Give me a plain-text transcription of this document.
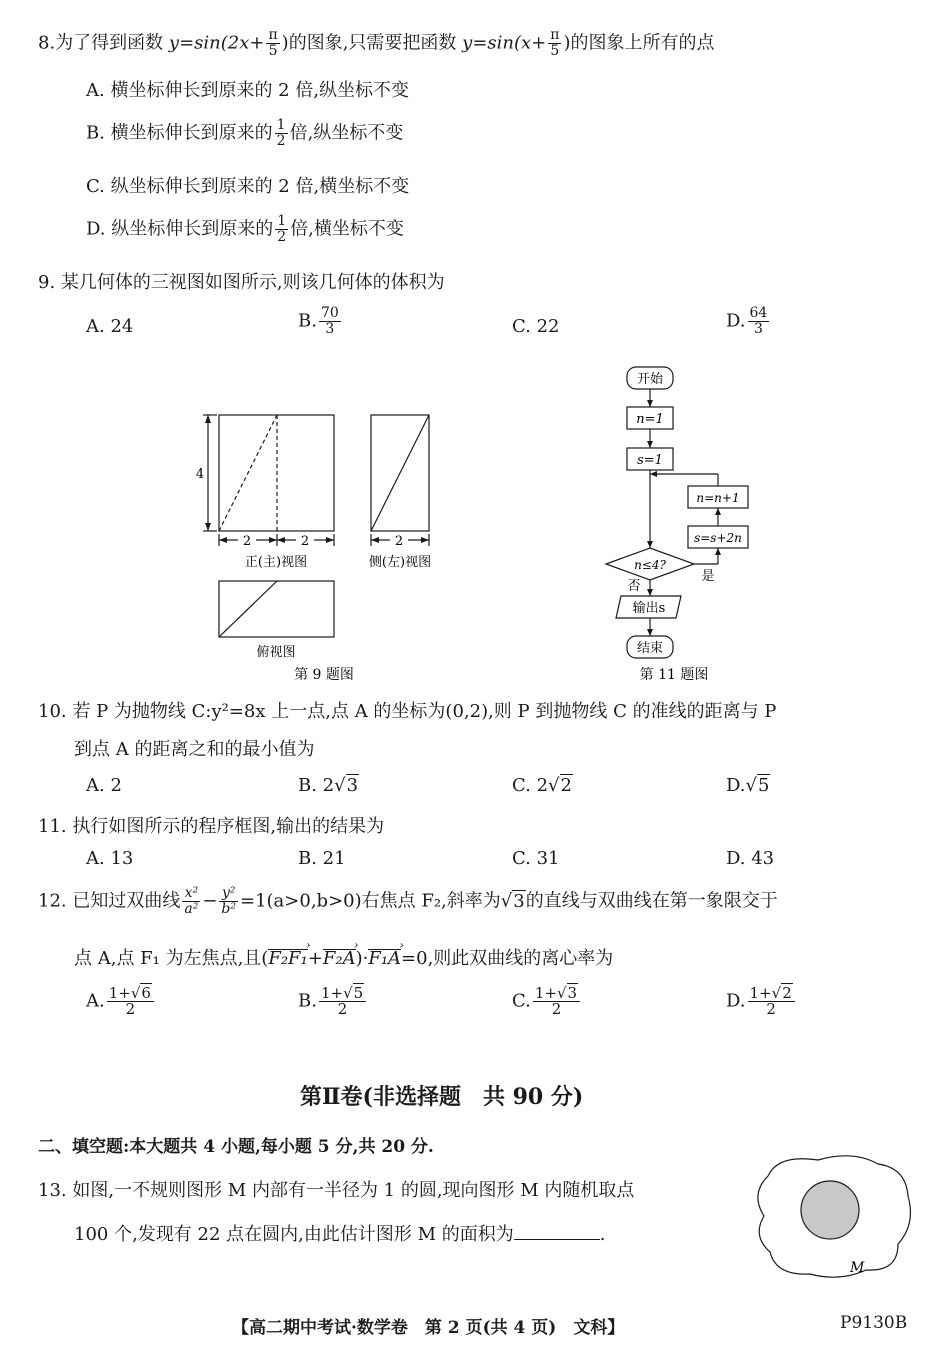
8.为了得到函数 $y=\sin(2x+ \frac{\pi}{5}$ )的图象,只需要把函数 $y=\sin(x+ \frac{\pi}{5}$ )的图象上所有的点
A. 横坐标伸长到原来的 2 倍,纵坐标不变
B. 横坐标伸长到原来的 $\frac{1}{2}$ 倍,纵坐标不变
C. 纵坐标伸长到原来的 2 倍,横坐标不变
D. 纵坐标伸长到原来的 $\frac{1}{2}$ 倍,横坐标不变
9. 某几何体的三视图如图所示,则该几何体的体积为
A. 24	B. $\frac{70}{3}$	C. 22	D. $\frac{64}{3}$
4
2	2	2
正(主)视图	侧(左)视图
俯视图
第 9 题图
开始
n=1
s=1
n≤4?
s=s+2n
n=n+1
是
否
输出s
结束
第 11 题图
10. 若 P 为抛物线 C:y²=8x 上一点,点 A 的坐标为(0,2),则 P 到抛物线 C 的准线的距离与 P
到点 A 的距离之和的最小值为
A. 2	B. 2√3	C. 2√2	D.√5
11. 执行如图所示的程序框图,输出的结果为
A. 13	B. 21	C. 31	D. 43
12. 已知过双曲线 $\frac{\text{x²}}{\text{a²}} - \frac{\text{y²}}{\text{b²}} =1(a>0,b>0)$右焦点 F₂,斜率为√3的直线与双曲线在第一象限交于
点 A,点 F₁ 为左焦点,且(F₂F₁ ›+F₂A ›)·F₁A ›=0,则此双曲线的离心率为
A. $\frac{1+√6}{2}$	B. $\frac{1+√5}{2}$	C. $\frac{1+√3}{2}$	D. $\frac{1+√2}{2}$
第Ⅱ卷(非选择题　共 90 分)
二、填空题:本大题共 4 小题,每小题 5 分,共 20 分.
13. 如图,一不规则图形 M 内部有一半径为 1 的圆,现向图形 M 内随机取点
100 个,发现有 22 点在圆内,由此估计图形 M 的面积为	.
M
【高二期中考试·数学卷　第 2 页(共 4 页)　文科】	P9130B
